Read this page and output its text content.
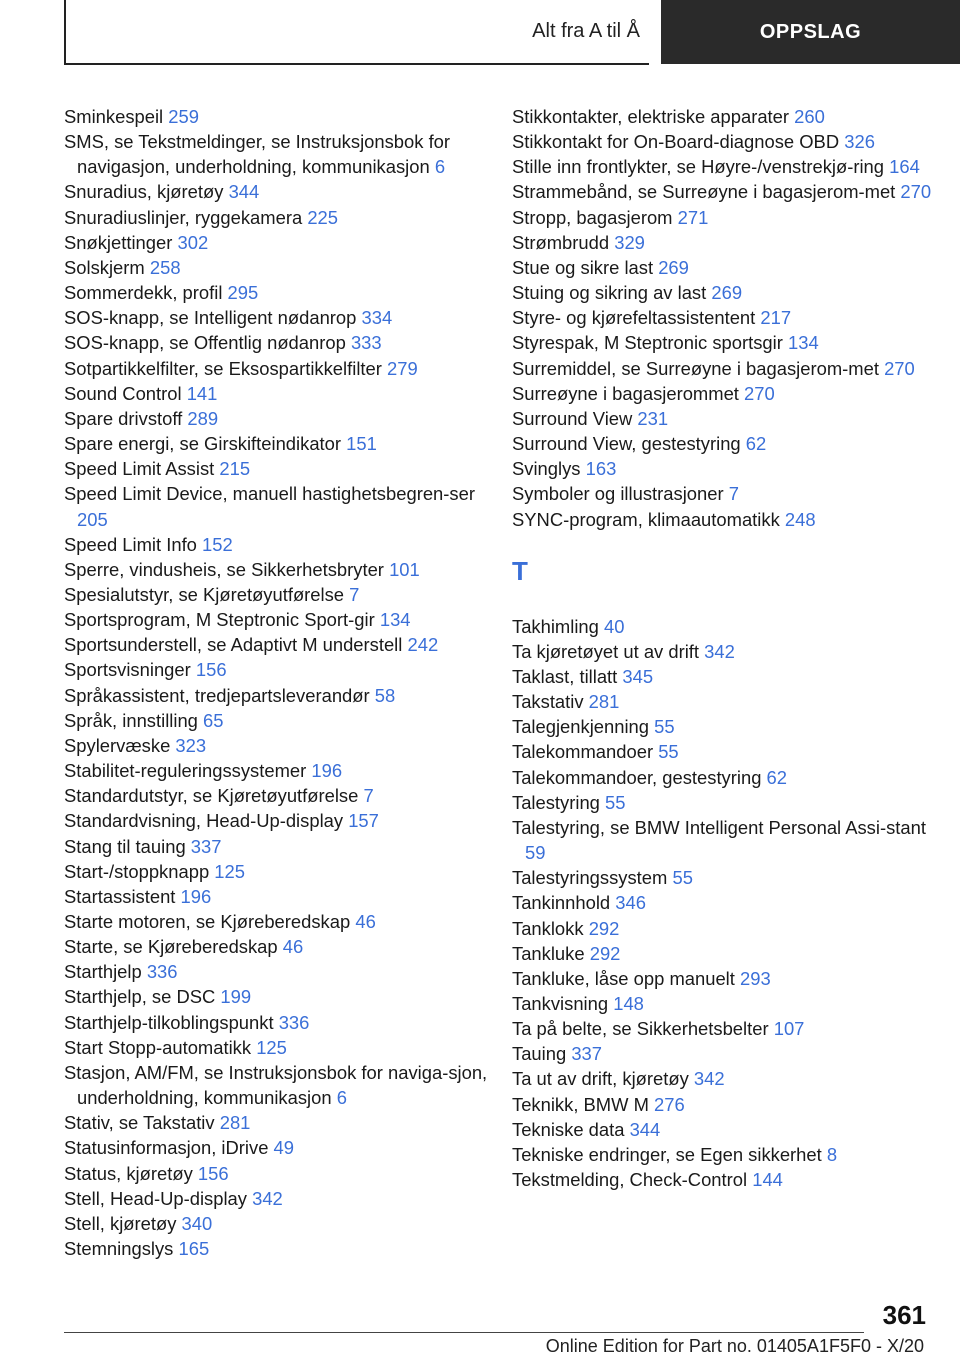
Alt fra A til Å	OPPSLAG
Sminkespeil 259
SMS, se Tekstmeldinger, se Instruksjonsbok for navigasjon, underholdning, kommunikasjon 6
Snuradius, kjøretøy 344
Snuradiuslinjer, ryggekamera 225
Snøkjettinger 302
Solskjerm 258
Sommerdekk, profil 295
SOS-knapp, se Intelligent nødanrop 334
SOS-knapp, se Offentlig nødanrop 333
Sotpartikkelfilter, se Eksospartikkelfilter 279
Sound Control 141
Spare drivstoff 289
Spare energi, se Girskifteindikator 151
Speed Limit Assist 215
Speed Limit Device, manuell hastighetsbegren-ser 205
Speed Limit Info 152
Sperre, vindusheis, se Sikkerhetsbryter 101
Spesialutstyr, se Kjøretøyutførelse 7
Sportsprogram, M Steptronic Sport-gir 134
Sportsunderstell, se Adaptivt M understell 242
Sportsvisninger 156
Språkassistent, tredjepartsleverandør 58
Språk, innstilling 65
Spylervæske 323
Stabilitet-reguleringssystemer 196
Standardutstyr, se Kjøretøyutførelse 7
Standardvisning, Head-Up-display 157
Stang til tauing 337
Start-/stoppknapp 125
Startassistent 196
Starte motoren, se Kjøreberedskap 46
Starte, se Kjøreberedskap 46
Starthjelp 336
Starthjelp, se DSC 199
Starthjelp-tilkoblingspunkt 336
Start Stopp-automatikk 125
Stasjon, AM/FM, se Instruksjonsbok for naviga-sjon, underholdning, kommunikasjon 6
Stativ, se Takstativ 281
Statusinformasjon, iDrive 49
Status, kjøretøy 156
Stell, Head-Up-display 342
Stell, kjøretøy 340
Stemningslys 165
Stikkontakter, elektriske apparater 260
Stikkontakt for On-Board-diagnose OBD 326
Stille inn frontlykter, se Høyre-/venstrekjø-ring 164
Strammebånd, se Surreøyne i bagasjerom-met 270
Stropp, bagasjerom 271
Strømbrudd 329
Stue og sikre last 269
Stuing og sikring av last 269
Styre- og kjørefeltassistentent 217
Styrespak, M Steptronic sportsgir 134
Surremiddel, se Surreøyne i bagasjerom-met 270
Surreøyne i bagasjerommet 270
Surround View 231
Surround View, gestestyring 62
Svinglys 163
Symboler og illustrasjoner 7
SYNC-program, klimaautomatikk 248
T
Takhimling 40
Ta kjøretøyet ut av drift 342
Taklast, tillatt 345
Takstativ 281
Talegjenkjenning 55
Talekommandoer 55
Talekommandoer, gestestyring 62
Talestyring 55
Talestyring, se BMW Intelligent Personal Assi-stant 59
Talestyringssystem 55
Tankinnhold 346
Tanklokk 292
Tankluke 292
Tankluke, låse opp manuelt 293
Tankvisning 148
Ta på belte, se Sikkerhetsbelter 107
Tauing 337
Ta ut av drift, kjøretøy 342
Teknikk, BMW M 276
Tekniske data 344
Tekniske endringer, se Egen sikkerhet 8
Tekstmelding, Check-Control 144
361
Online Edition for Part no. 01405A1F5F0 - X/20
